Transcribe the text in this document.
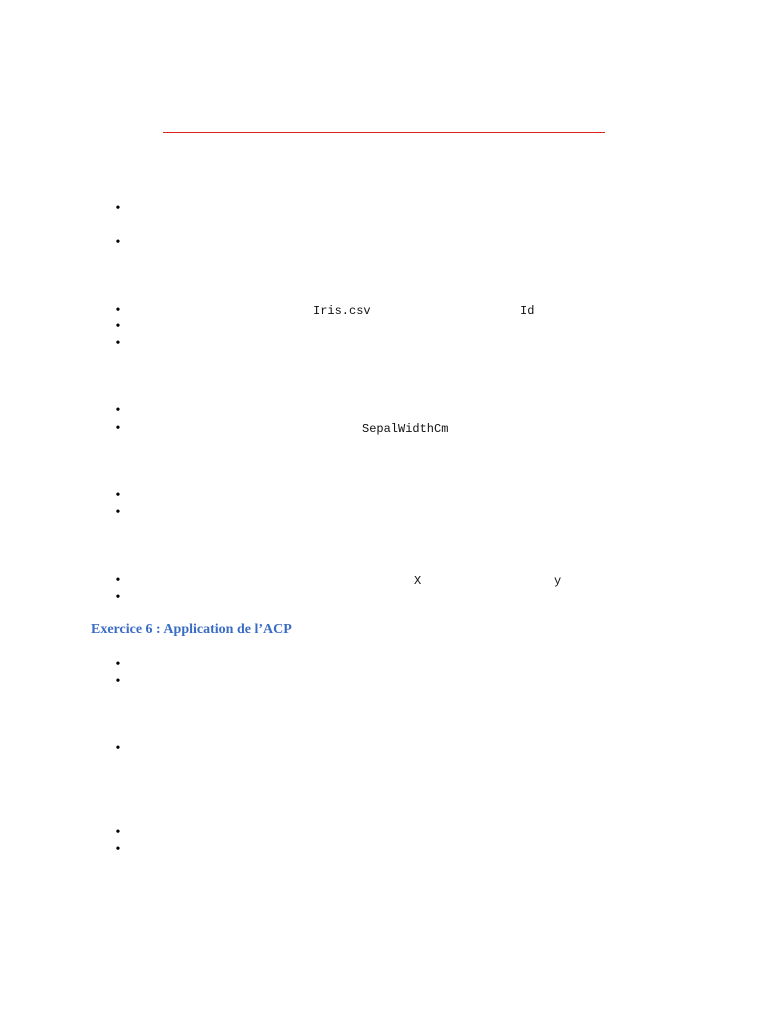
•
•
•
Iris.csv	Id
•
•
•
•
SepalWidthCm
•
•
•
X	y
•
Exercice 6 : Application de l’ACP
•
•
•
•
•
